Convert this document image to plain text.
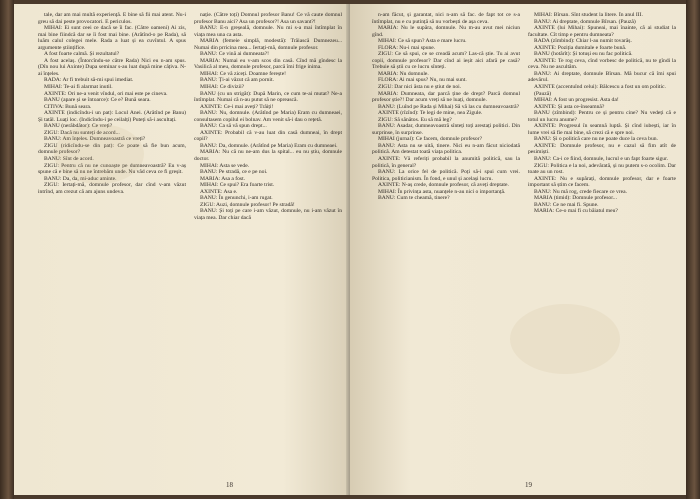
tale, dar am mai multă experiență. E bine să fii mai atent. Nu-i greu să dai peste provocatori. E periculos.

MIHAI: Ei sunt ceei ce dacă se îi fac. (Către oameni) Ai zis, mai bine fiindcă dar se îi fost mai bine. (Arătînd-o pe Rada), să luăm calul colegei mele. Rada a luat și ea cuvîntul. A spus argumente științifice.

A fost foarte calmă. Și rezultatul?

A fost acelaș. (Întorcîndu-se către Rada) Nici eu n-am spus. (Dîn nou lui Axinte) Dupa seminar s-au luat după mine câțiva. N-ai înțeles.

RADA: Ar fi trebuit să-mi spui imediat.

MIHAI: Te-ai fi alarmat inutil.

AXINTE: Ori ne-a venit vîndul, ori mai este pe cineva.

BANU (apare și se întoarce): Ce e? Bună seara.

CITIVA: Bună seara.

AXINTE (indicîndu-i un pat): Locul Anei. (Arătînd pe Banu) Și tatăl. Luați loc. (Indicîndu-i pe ceilalți) Puteți să-i ascultați.

BANU (nerăbdător): Ce vreți?

ZIGU: Dacă nu sunteți de acord...

BANU: Am înțeles. Dumneavoastră ce vreți?

ZIGU (ridicîndu-se din pat): Ce poate să fie bun acum, domnule profesor?

BANU: Sînt de acord.

ZIGU: Pentru că nu ne cunoaște pe dumneavoastră? Eu v-aș spune că e bine să nu ne întrebăm unde. Nu văd ceva ce fi greșit.

BANU: Da, da, mi-aduc aminte.

ZIGU: Iertați-mă, domnule profesor, dar cînd v-am văzut intrînd, am crezut că am ajuns undeva.

nație. (Către toți) Domnul profesor Banu! Ce vă caute domnul profesor Banu aici? Asa un profesor?! Asa un savant?!

BANU: E-n greșeală, domnule. Nu mi s-a mai întîmplat în viața mea una ca asta.

MARIA (femeie simplă, modestă): Trăiască Dumnezeu... Numai din prricina mea... Iertați-mă, domnule profesor.

BANU: Ce vină ai dumneata?!

MARIA: Numai eu v-am scos din casă. Cînd mă gîndesc la Vasilică al meu, domnule profesor, parcă îmi frige inima.

MIHAI: Ce vă ziceți. Doamne ferește!

BANU: Ți-ai văzut că am pornit.

MIHAI: Ce divizii?

BANU (cu un strigăt): După Marin, ce cum te-ai mutat? Ne-a întîmplat. Numai că n-au putut să ne oprească.

AXINTE: Ce-i mai aveți? Trăiți!

BANU: Nu, domnule. (Arătînd pe Maria) Eram cu dumneaei, consultasem copilul ei bolnav. Am venit să-i dau o rețetă.

BANU: Ca să vă spun drept...

AXINTE: Probabil că v-au luat din casă dumneai, în drept copil?

BANU: Da, domnule. (Arătînd pe Maria) Eram cu dumneaei.

MARIA: Nu că nu ne-am dus la spital... eu nu știu, domnule doctor.

MIHAI: Asta se vede.

BANU: Pe stradă, ce e pe noi.

MARIA: Asa a fost.

MIHAI: Ce spui? Era foarte trist.

AXINTE: Asa e.

BANU: În genunchi, i-am rugat.

ZIGU: Auzi, domnule profesor! Pe stradă!

BANU: Și toți pe care i-am văzut, domnule, nu i-am văzut în viața mea. Dar chiar dacă

18

n-am făcut, și garantat, nici n-am să fac. de fapt tot ce s-a întîmplat, nu e cu putință să nu vorbești de așa ceva.

MARIA: Nu le supăra, domnule. Nu m-au avut mei niciun gînd.

MIHAI: Ce să spun? Asta e mare lucru.

FLORA: Nu-i mai spune.

ZIGU: Ce să spui, ce se creadă acum? Las-că știe. Tu ai avut copii, domnule profesor? Dar cînd ai ieșit aici afară pe casă? Trebuie să știi cu ce lucru sînteți.

MARIA: Nu domnule.

FLORA: Ai mai spus? Nu, nu mai sunt.

ZIGU: Dar nici ăsta nu e știut de noi.

MARIA: Dumneata, dar parcă ține de drept? Parcă domnul profesor știe?! Dar acum vreți să ne luați, domnule.

BANU: (Luînd pe Rada și Mihai) Să vă las cu dumneavoastră?

AXINTE (rîzînd): Te legi de mine, nea Zigule.

ZIGU: Să sănătos. Eu să mă leg?

BANU: Asadar, dumneavoastră sînteți toți arestați politici. Din surprinse, în surprinse.

MIHAI (jurnal): Ce facem, domnule profesor?

BANU: Asta nu se uită, tinere. Nici eu n-am făcut niciodată politică. Am detestat toată viața politica.

AXINTE: Vă referiți probabil la anumită politică, sau la politică, în general?

BANU: La orice fel de politică. Poți să-i spui cum vrei. Politica, politicianism. În fond, e unul și același lucru.

AXINTE: N-aș crede, domnule profesor, că aveți dreptate.

MIHAI: În privința asta, nuanțele n-au nici o importanță.

BANU: Cum te cheamă, tinere?

MIHAI: Bîrsan. Sînt student la litere. În anul III.

BANU: Ai dreptate, domnule Bîrsan. (Pauză)

AXINTE (lui Mihai): Spuneai, mai înainte, că ai studiat la facultate. Cît timp e pentru dumneata?

RADA (zîmbind): Chiar l-au numit tovarăș.

AXINTE: Poziția dumitale e foarte bună.

BANU (hotărît): Și totuși eu nu fac politică.

AXINTE: Te rog ceva, cînd vorbesc de politică, nu te gîndi la ceva. Nu ne ascultăm.

BANU: Ai dreptate, domnule Bîrsan. Mă bucur că îmi spui adevărul.

AXINTE (accentuînd celui): Bălcescu a fost un om politic.

(Pauză)

MIHAI: A fost un progresist. Asta da!

AXINTE: Și asta ce-înseamnă?

BANU (zîmbind): Pentru ce și pentru cine? Nu vedeți că e totul un lucru anume?

AXINTE: Progresul în seamnă luptă. Și cînd iubești, iar în lume vrei să fie mai bine, să crezi că e spre noi.

BANU: Și o politică care nu ne poate duce la ceva bun.

AXINTE: Domnule profesor, nu e cazul să fim atît de pesimiști.

BANU: Ca-i ce fiind, domnule, lucrul e un fapt foarte sigur.

ZIGU: Politica e la noi, adevărată, și nu putem s-o ocolim. Dar toate au un rost.

AXINTE: Nu e supărați, domnule profesor, dar e foarte important să știm ce facem.

BANU: Nu mă rog, crede fiecare ce vrea.

MARIA (timid): Domnule profesor...

BANU: Ce ne mai fi. Spune.

MARIA: Ce-o mai fi cu băiatul meu?

19
